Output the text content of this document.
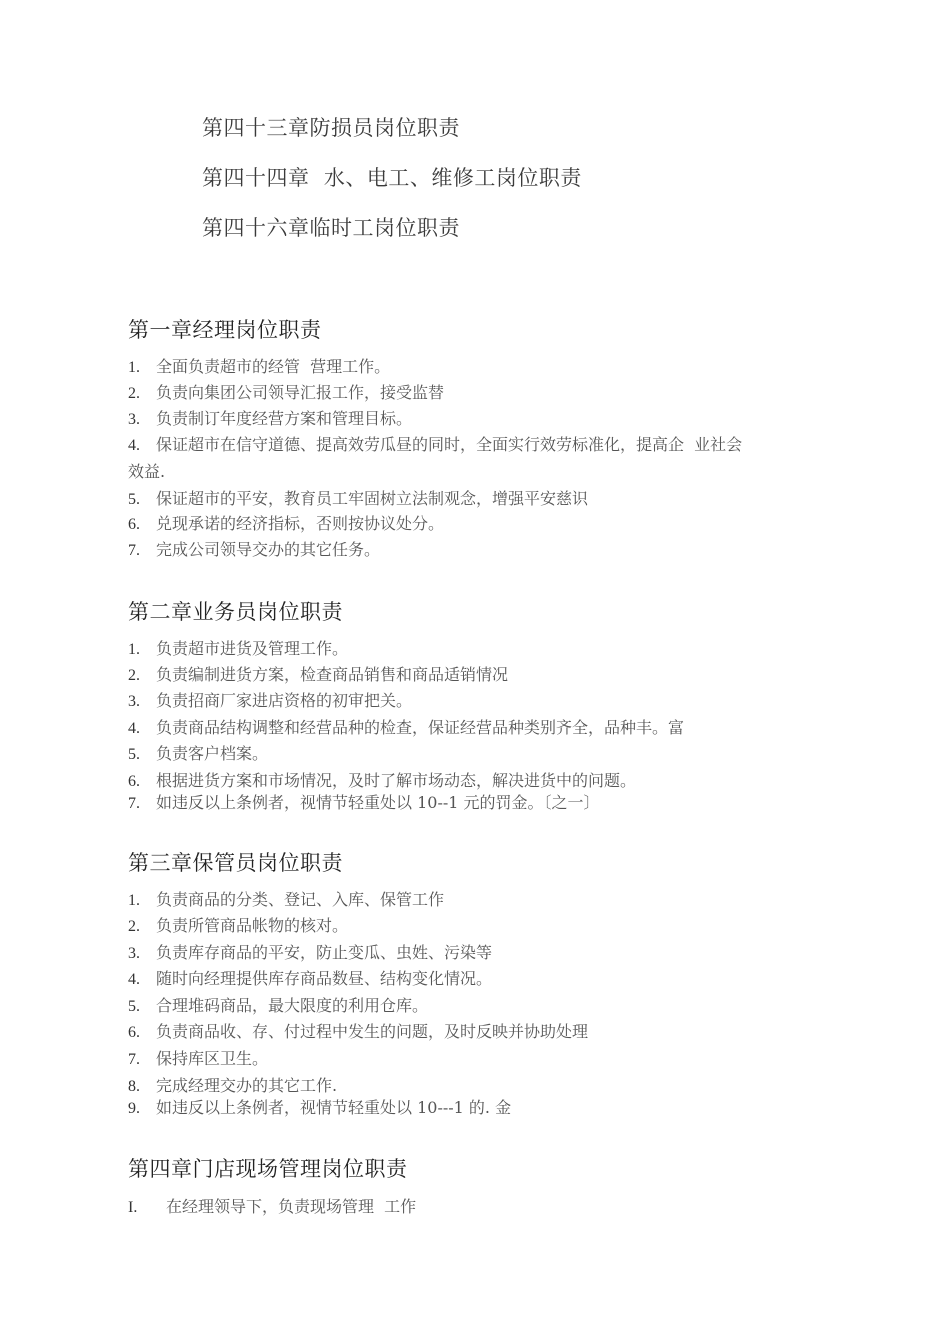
第四十三章防损员岗位职责
第四十四章  水、电工、维修工岗位职责
第四十六章临时工岗位职责
第一章经理岗位职责
1. 全面负责超市的经管  营理工作。
2. 负责向集团公司领导汇报工作，接受监替
3. 负责制订年度经营方案和管理目标。
4. 保证超市在信守道德、提高效劳瓜昼的同时，全面实行效劳标准化，提高企  业社会
效益.
5. 保证超市的平安，教育员工牢固树立法制观念，增强平安慈识
6. 兑现承诺的经济指标，否则按协议处分。
7. 完成公司领导交办的其它任务。
第二章业务员岗位职责
1. 负责超市进货及管理工作。
2. 负责编制进货方案，检查商品销售和商品适销情况
3. 负责招商厂家进店资格的初审把关。
4. 负责商品结构调整和经营品种的检查，保证经营品种类别齐全，品种丰。富
5. 负责客户档案。
6. 根据进货方案和市场情况，及时了解市场动态，解决进货中的问题。
7. 如违反以上条例者，视情节轻重处以 10--1 元的罚金。〔之一〕
第三章保管员岗位职责
1. 负责商品的分类、登记、入库、保管工作
2. 负责所管商品帐物的核对。
3. 负责库存商品的平安，防止变瓜、虫姓、污染等
4. 随时向经理提供库存商品数昼、结构变化情况。
5. 合理堆码商品，最大限度的利用仓库。
6. 负责商品收、存、付过程中发生的问题，及时反映并协助处理
7. 保持库区卫生。
8. 完成经理交办的其它工作.
9. 如违反以上条例者，视情节轻重处以 10---1 的. 金
第四章门店现场管理岗位职责
I. 在经理领导下，负责现场管理  工作
